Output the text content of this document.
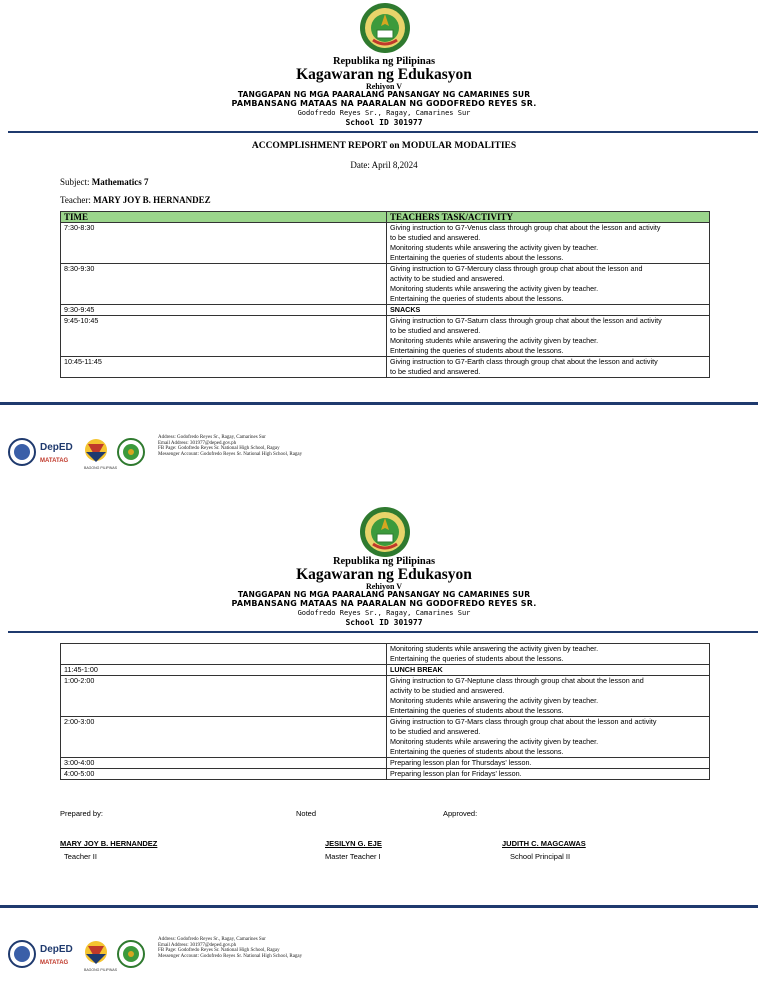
Republika ng Pilipinas
Kagawaran ng Edukasyon
Rehiyon V
TANGGAPAN NG MGA PAARALANG PANSANGAY NG CAMARINES SUR
PAMBANSANG MATAAS NA PAARALAN NG GODOFREDO REYES SR.
Godofredo Reyes Sr., Ragay, Camarines Sur
School ID 301977
ACCOMPLISHMENT REPORT on MODULAR MODALITIES
Date: April 8,2024
Subject: Mathematics 7
Teacher: MARY JOY B. HERNANDEZ
TIME	TEACHERS TASK/ACTIVITY
7:30-8:30	Giving instruction to G7-Venus class through group chat about the lesson and activity
to be studied and answered.
Monitoring students while answering the activity given by teacher.
Entertaining the queries of students about the lessons.

8:30-9:30	Giving instruction to G7-Mercury class through group chat about the lesson and
activity to be studied and answered.
Monitoring students while answering the activity given by teacher.
Entertaining the queries of students about the lessons.

9:30-9:45	SNACKS

9:45-10:45	Giving instruction to G7-Saturn class through group chat about the lesson and activity
to be studied and answered.
Monitoring students while answering the activity given by teacher.
Entertaining the queries of students about the lessons.

10:45-11:45	Giving instruction to G7-Earth class through group chat about the lesson and activity
to be studied and answered.
DepED
MATATAG
BAGONG PILIPINAS
Address: Godofredo Reyes Sr., Ragay, Camarines Sur
Email Address: 301977@deped.gov.ph
FB Page: Godofredo Reyes Sr. National High School, Ragay
Messenger Account: Godofredo Reyes Sr. National High School, Ragay
Republika ng Pilipinas
Kagawaran ng Edukasyon
Rehiyon V
TANGGAPAN NG MGA PAARALANG PANSANGAY NG CAMARINES SUR
PAMBANSANG MATAAS NA PAARALAN NG GODOFREDO REYES SR.
Godofredo Reyes Sr., Ragay, Camarines Sur
School ID 301977

	Monitoring students while answering the activity given by teacher.
Entertaining the queries of students about the lessons.

11:45-1:00	LUNCH BREAK

1:00-2:00	Giving instruction to G7-Neptune class through group chat about the lesson and
activity to be studied and answered.
Monitoring students while answering the activity given by teacher.
Entertaining the queries of students about the lessons.

2:00-3:00	Giving instruction to G7-Mars class through group chat about the lesson and activity
to be studied and answered.
Monitoring students while answering the activity given by teacher.
Entertaining the queries of students about the lessons.

3:00-4:00	Preparing lesson plan for Thursdays' lesson.

4:00-5:00	Preparing lesson plan for Fridays' lesson.
Prepared by:	Noted	Approved:
MARY JOY B. HERNANDEZ
Teacher II
JESILYN G. EJE
Master Teacher I
JUDITH C. MAGCAWAS
School Principal II
DepED
MATATAG
BAGONG PILIPINAS
Address: Godofredo Reyes Sr., Ragay, Camarines Sur
Email Address: 301977@deped.gov.ph
FB Page: Godofredo Reyes Sr. National High School, Ragay
Messenger Account: Godofredo Reyes Sr. National High School, Ragay
